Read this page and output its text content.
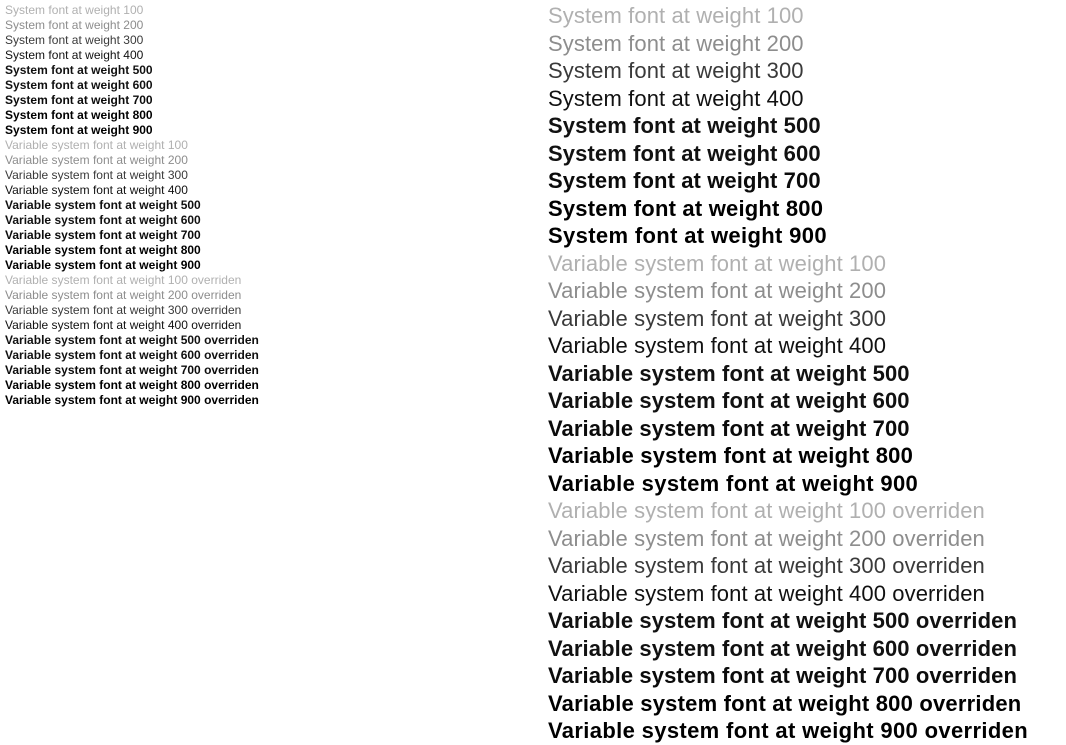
System font at weight 100
System font at weight 200
System font at weight 300
System font at weight 400
System font at weight 500
System font at weight 600
System font at weight 700
System font at weight 800
System font at weight 900
Variable system font at weight 100
Variable system font at weight 200
Variable system font at weight 300
Variable system font at weight 400
Variable system font at weight 500
Variable system font at weight 600
Variable system font at weight 700
Variable system font at weight 800
Variable system font at weight 900
Variable system font at weight 100 overriden
Variable system font at weight 200 overriden
Variable system font at weight 300 overriden
Variable system font at weight 400 overriden
Variable system font at weight 500 overriden
Variable system font at weight 600 overriden
Variable system font at weight 700 overriden
Variable system font at weight 800 overriden
Variable system font at weight 900 overriden
System font at weight 100
System font at weight 200
System font at weight 300
System font at weight 400
System font at weight 500
System font at weight 600
System font at weight 700
System font at weight 800
System font at weight 900
Variable system font at weight 100
Variable system font at weight 200
Variable system font at weight 300
Variable system font at weight 400
Variable system font at weight 500
Variable system font at weight 600
Variable system font at weight 700
Variable system font at weight 800
Variable system font at weight 900
Variable system font at weight 100 overriden
Variable system font at weight 200 overriden
Variable system font at weight 300 overriden
Variable system font at weight 400 overriden
Variable system font at weight 500 overriden
Variable system font at weight 600 overriden
Variable system font at weight 700 overriden
Variable system font at weight 800 overriden
Variable system font at weight 900 overriden
